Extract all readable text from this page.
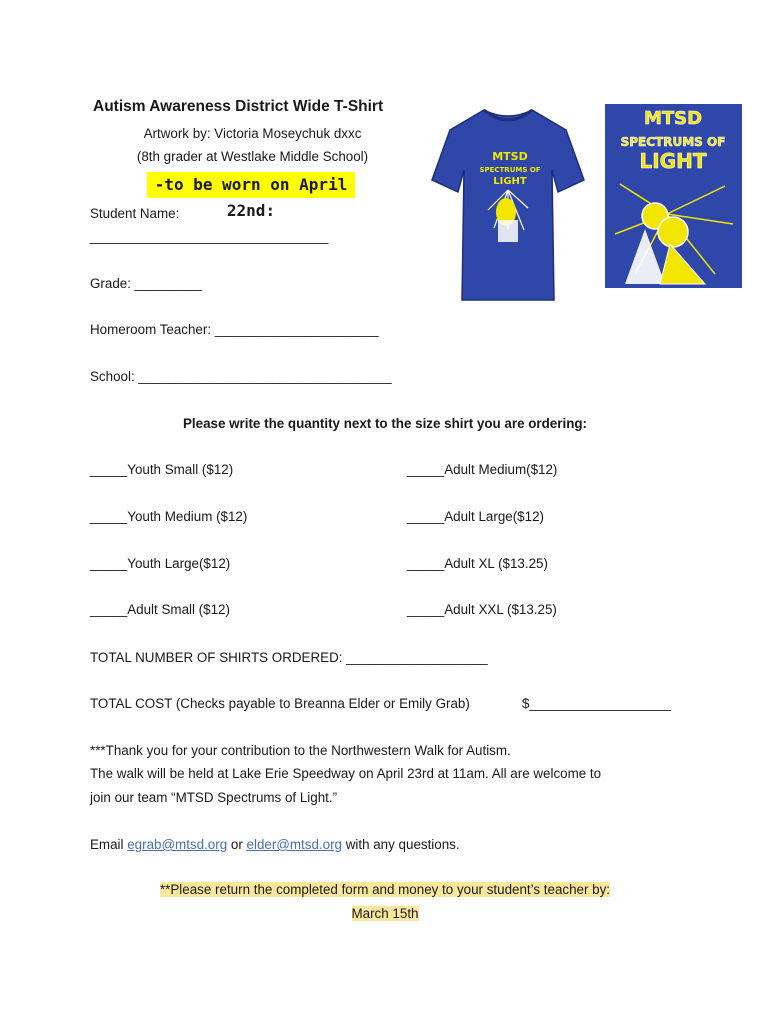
Autism Awareness District Wide T-Shirt
Artwork by: Victoria Moseychuk dxxc
(8th grader at Westlake Middle School)
-to be worn on April 22nd:
MTSD
SPECTRUMS OF
LIGHT
MTSD
SPECTRUMS OF
LIGHT
Student Name:
________________________________
Grade: _________
Homeroom Teacher: ______________________
School: __________________________________
Please write the quantity next to the size shirt you are ordering:
_____Youth Small ($12)
_____Youth Medium ($12)
_____Youth Large($12)
_____Adult Small ($12)
_____Adult Medium($12)
_____Adult Large($12)
_____Adult XL ($13.25)
_____Adult XXL ($13.25)
TOTAL NUMBER OF SHIRTS ORDERED: ___________________
TOTAL COST (Checks payable to Breanna Elder or Emily Grab)	$___________________
***Thank you for your contribution to the Northwestern Walk for Autism.
The walk will be held at Lake Erie Speedway on April 23rd at 11am. All are welcome to
join our team “MTSD Spectrums of Light.”
Email egrab@mtsd.org or elder@mtsd.org with any questions.
**Please return the completed form and money to your student’s teacher by:
March 15th
